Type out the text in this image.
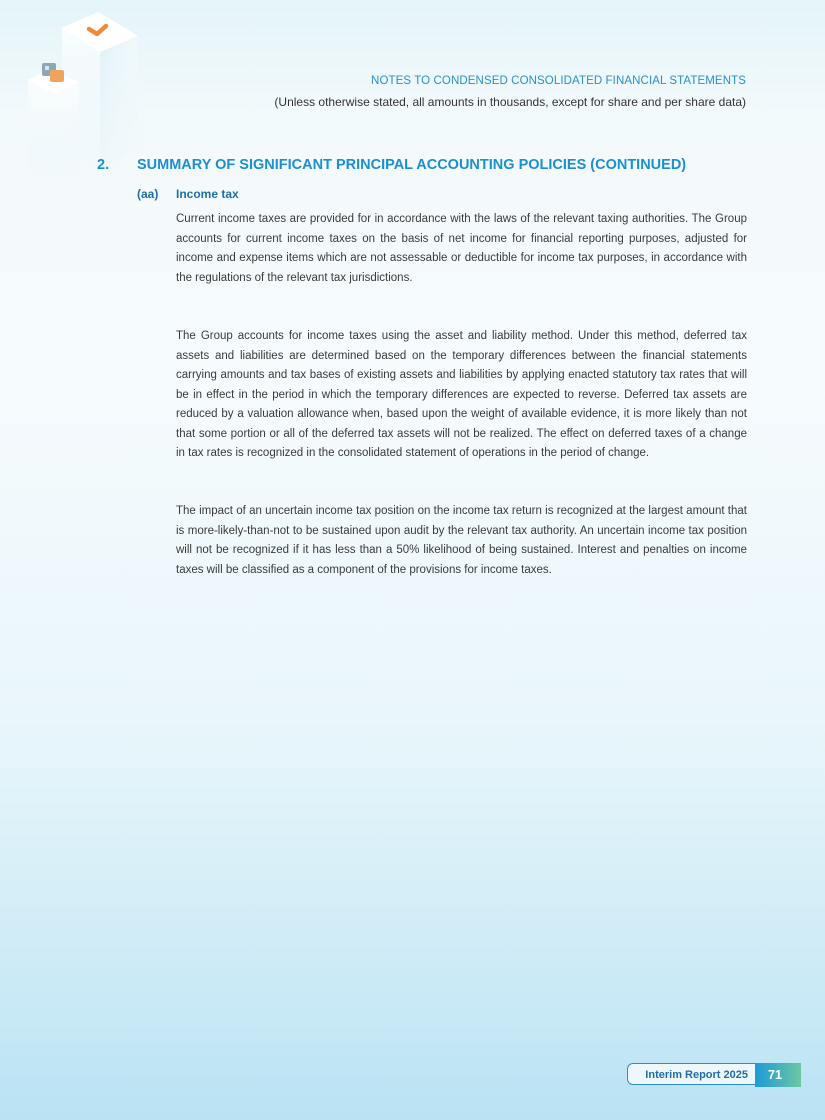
NOTES TO CONDENSED CONSOLIDATED FINANCIAL STATEMENTS
(Unless otherwise stated, all amounts in thousands, except for share and per share data)
2. SUMMARY OF SIGNIFICANT PRINCIPAL ACCOUNTING POLICIES (CONTINUED)
(aa) Income tax

Current income taxes are provided for in accordance with the laws of the relevant taxing authorities. The Group accounts for current income taxes on the basis of net income for financial reporting purposes, adjusted for income and expense items which are not assessable or deductible for income tax purposes, in accordance with the regulations of the relevant tax jurisdictions.

The Group accounts for income taxes using the asset and liability method. Under this method, deferred tax assets and liabilities are determined based on the temporary differences between the financial statements carrying amounts and tax bases of existing assets and liabilities by applying enacted statutory tax rates that will be in effect in the period in which the temporary differences are expected to reverse. Deferred tax assets are reduced by a valuation allowance when, based upon the weight of available evidence, it is more likely than not that some portion or all of the deferred tax assets will not be realized. The effect on deferred taxes of a change in tax rates is recognized in the consolidated statement of operations in the period of change.

The impact of an uncertain income tax position on the income tax return is recognized at the largest amount that is more-likely-than-not to be sustained upon audit by the relevant tax authority. An uncertain income tax position will not be recognized if it has less than a 50% likelihood of being sustained. Interest and penalties on income taxes will be classified as a component of the provisions for income taxes.

Interim Report 2025	71
